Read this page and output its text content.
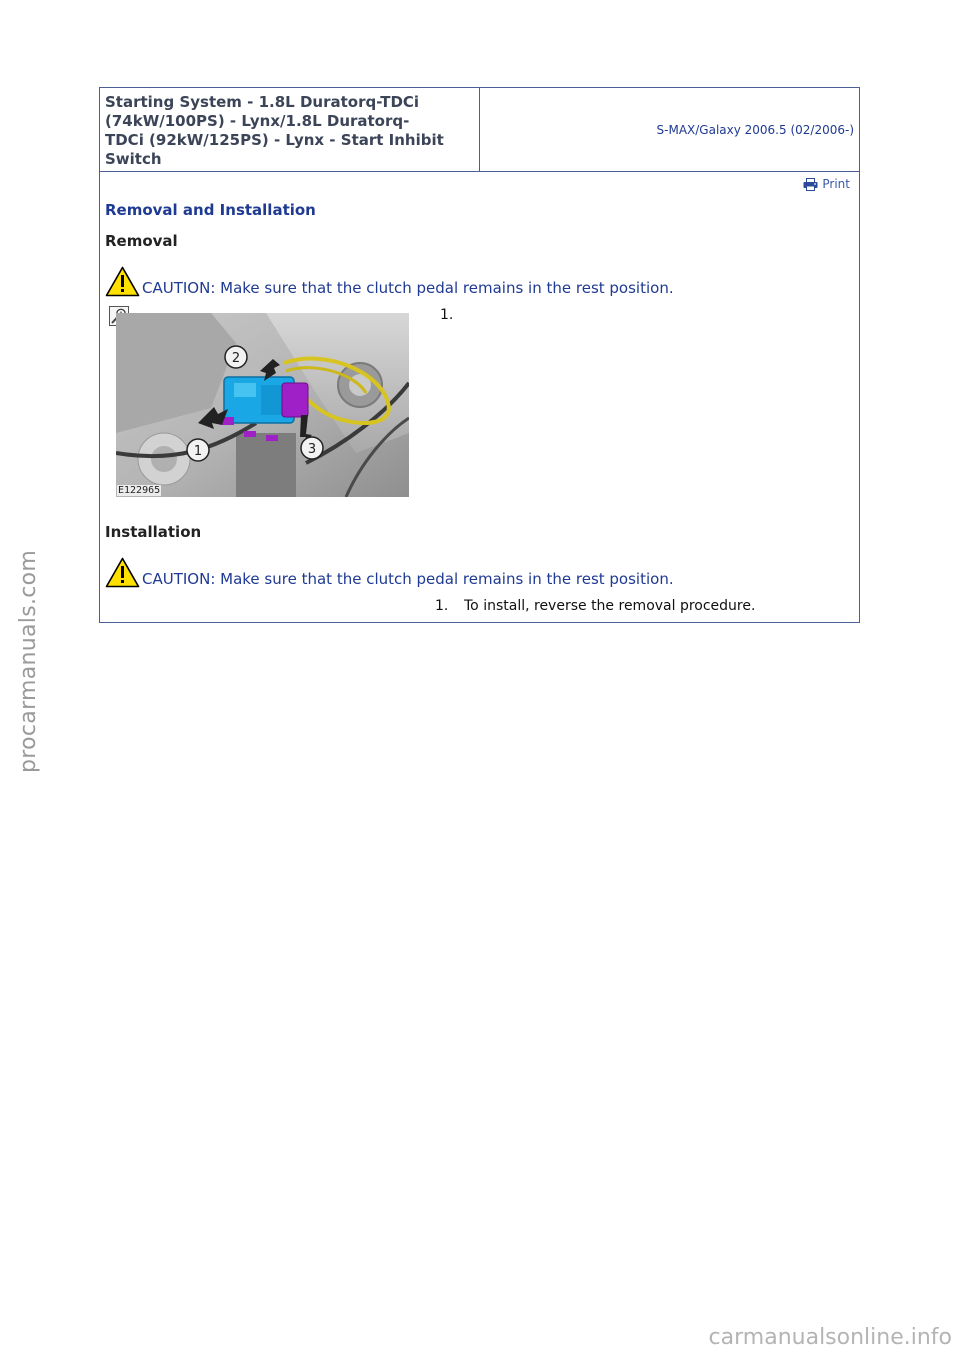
procarmanuals.com
carmanualsonline.info
Starting System - 1.8L Duratorq-TDCi
(74kW/100PS) - Lynx/1.8L Duratorq-
TDCi (92kW/125PS) - Lynx - Start Inhibit
Switch
S-MAX/Galaxy 2006.5 (02/2006-)
Print
Removal and Installation
Removal
CAUTION: Make sure that the clutch pedal remains in the rest position.
2
1	3
E122965
1.
Installation
CAUTION: Make sure that the clutch pedal remains in the rest position.
1. To install, reverse the removal procedure.
